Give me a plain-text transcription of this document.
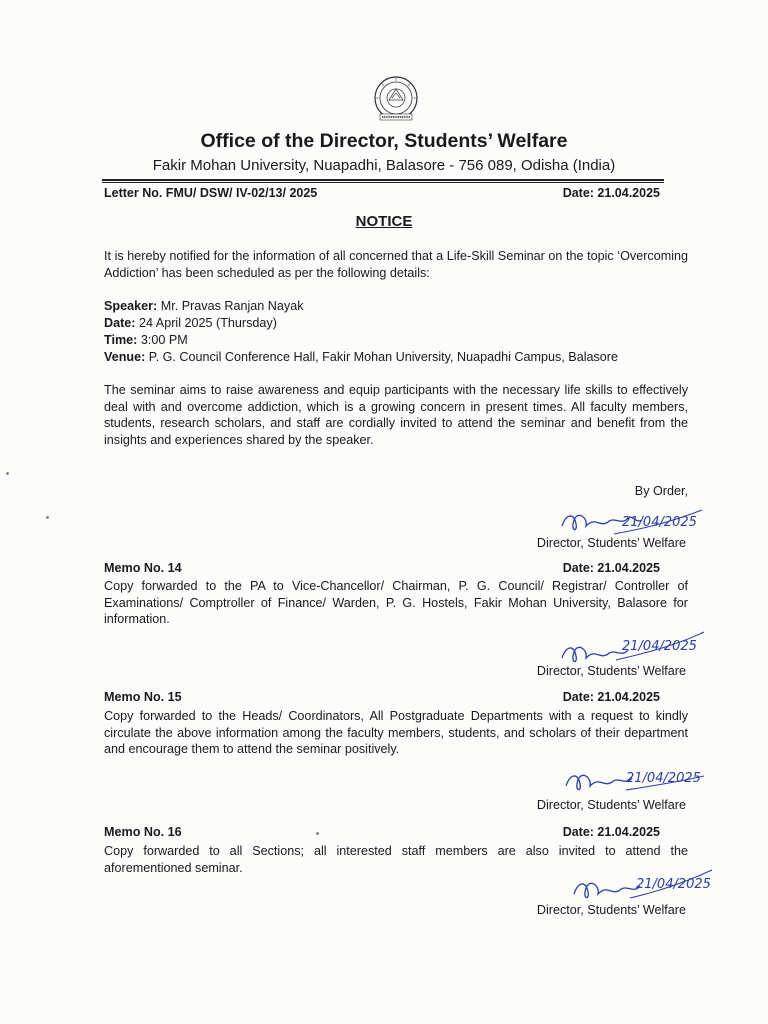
Office of the Director, Students’ Welfare
Fakir Mohan University, Nuapadhi, Balasore - 756 089, Odisha (India)
Letter No. FMU/ DSW/ IV-02/13/ 2025	Date: 21.04.2025
NOTICE
It is hereby notified for the information of all concerned that a Life-Skill Seminar on the topic ‘Overcoming Addiction’ has been scheduled as per the following details:
Speaker: Mr. Pravas Ranjan Nayak
Date: 24 April 2025 (Thursday)
Time: 3:00 PM
Venue: P. G. Council Conference Hall, Fakir Mohan University, Nuapadhi Campus, Balasore
The seminar aims to raise awareness and equip participants with the necessary life skills to effectively deal with and overcome addiction, which is a growing concern in present times. All faculty members, students, research scholars, and staff are cordially invited to attend the seminar and benefit from the insights and experiences shared by the speaker.
By Order,
21/04/2025
Director, Students’ Welfare
Memo No. 14	Date: 21.04.2025
Copy forwarded to the PA to Vice-Chancellor/ Chairman, P. G. Council/ Registrar/ Controller of Examinations/ Comptroller of Finance/ Warden, P. G. Hostels, Fakir Mohan University, Balasore for information.
21/04/2025
Director, Students’ Welfare
Memo No. 15	Date: 21.04.2025
Copy forwarded to the Heads/ Coordinators, All Postgraduate Departments with a request to kindly circulate the above information among the faculty members, students, and scholars of their department and encourage them to attend the seminar positively.
21/04/2025
Director, Students’ Welfare
Memo No. 16	Date: 21.04.2025
Copy forwarded to all Sections; all interested staff members are also invited to attend the aforementioned seminar.
21/04/2025
Director, Students’ Welfare
